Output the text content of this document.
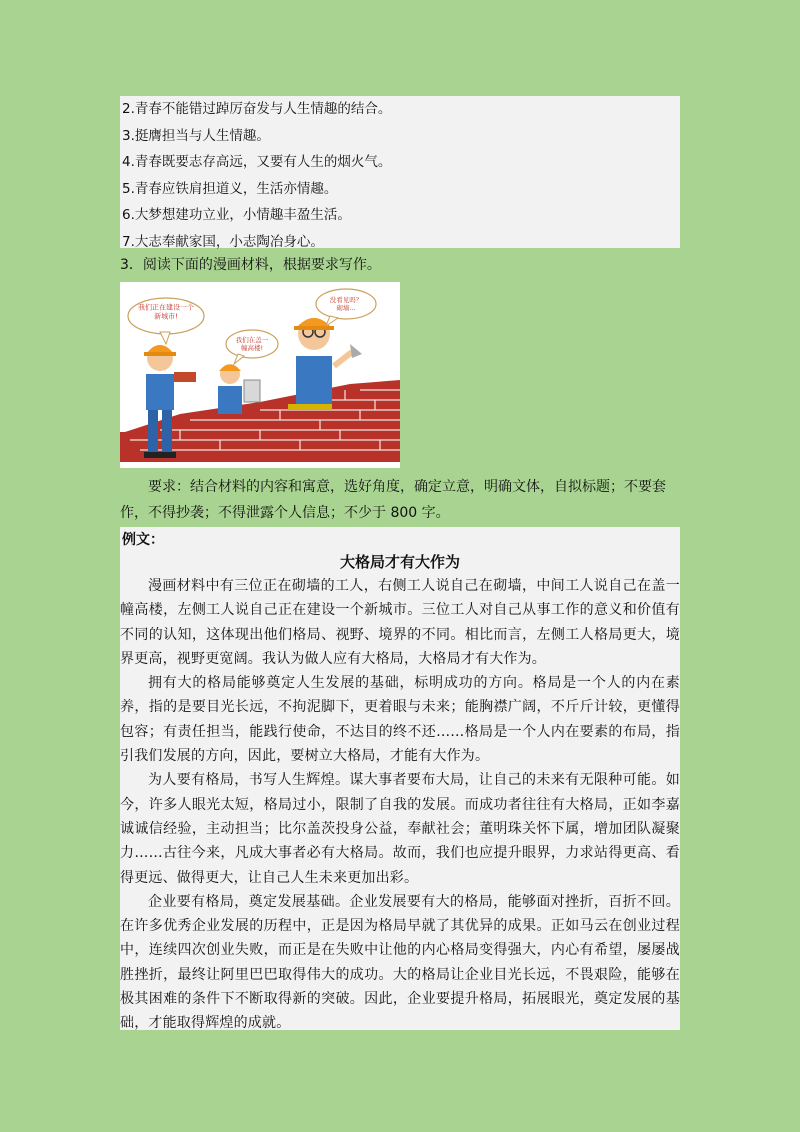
2.青春不能错过踔厉奋发与人生情趣的结合。
3.挺膺担当与人生情趣。
4.青春既要志存高远，又要有人生的烟火气。
5.青春应铁肩担道义，生活亦情趣。
6.大梦想建功立业，小情趣丰盈生活。
7.大志奉献家国，小志陶冶身心。
3．阅读下面的漫画材料，根据要求写作。
我们正在建设一个新城市!
我们在盖一幢高楼!
没看见吗？砌墙...
要求：结合材料的内容和寓意，选好角度，确定立意，明确文体，自拟标题；不要套作，不得抄袭；不得泄露个人信息；不少于 800 字。
例文：
大格局才有大作为

漫画材料中有三位正在砌墙的工人，右侧工人说自己在砌墙，中间工人说自己在盖一幢高楼，左侧工人说自己正在建设一个新城市。三位工人对自己从事工作的意义和价值有不同的认知，这体现出他们格局、视野、境界的不同。相比而言，左侧工人格局更大，境界更高，视野更宽阔。我认为做人应有大格局，大格局才有大作为。

拥有大的格局能够奠定人生发展的基础，标明成功的方向。格局是一个人的内在素养，指的是要目光长远，不拘泥脚下，更着眼与未来；能胸襟广阔，不斤斤计较，更懂得包容；有责任担当，能践行使命，不达目的终不还……格局是一个人内在要素的布局，指引我们发展的方向，因此，要树立大格局，才能有大作为。

为人要有格局，书写人生辉煌。谋大事者要布大局，让自己的未来有无限种可能。如今，许多人眼光太短，格局过小，限制了自我的发展。而成功者往往有大格局，正如李嘉诚诚信经验，主动担当；比尔盖茨投身公益，奉献社会；董明珠关怀下属，增加团队凝聚力……古往今来，凡成大事者必有大格局。故而，我们也应提升眼界，力求站得更高、看得更远、做得更大，让自己人生未来更加出彩。

企业要有格局，奠定发展基础。企业发展要有大的格局，能够面对挫折，百折不回。在许多优秀企业发展的历程中，正是因为格局早就了其优异的成果。正如马云在创业过程中，连续四次创业失败，而正是在失败中让他的内心格局变得强大，内心有希望，屡屡战胜挫折，最终让阿里巴巴取得伟大的成功。大的格局让企业目光长远，不畏艰险，能够在极其困难的条件下不断取得新的突破。因此，企业要提升格局，拓展眼光，奠定发展的基础，才能取得辉煌的成就。
